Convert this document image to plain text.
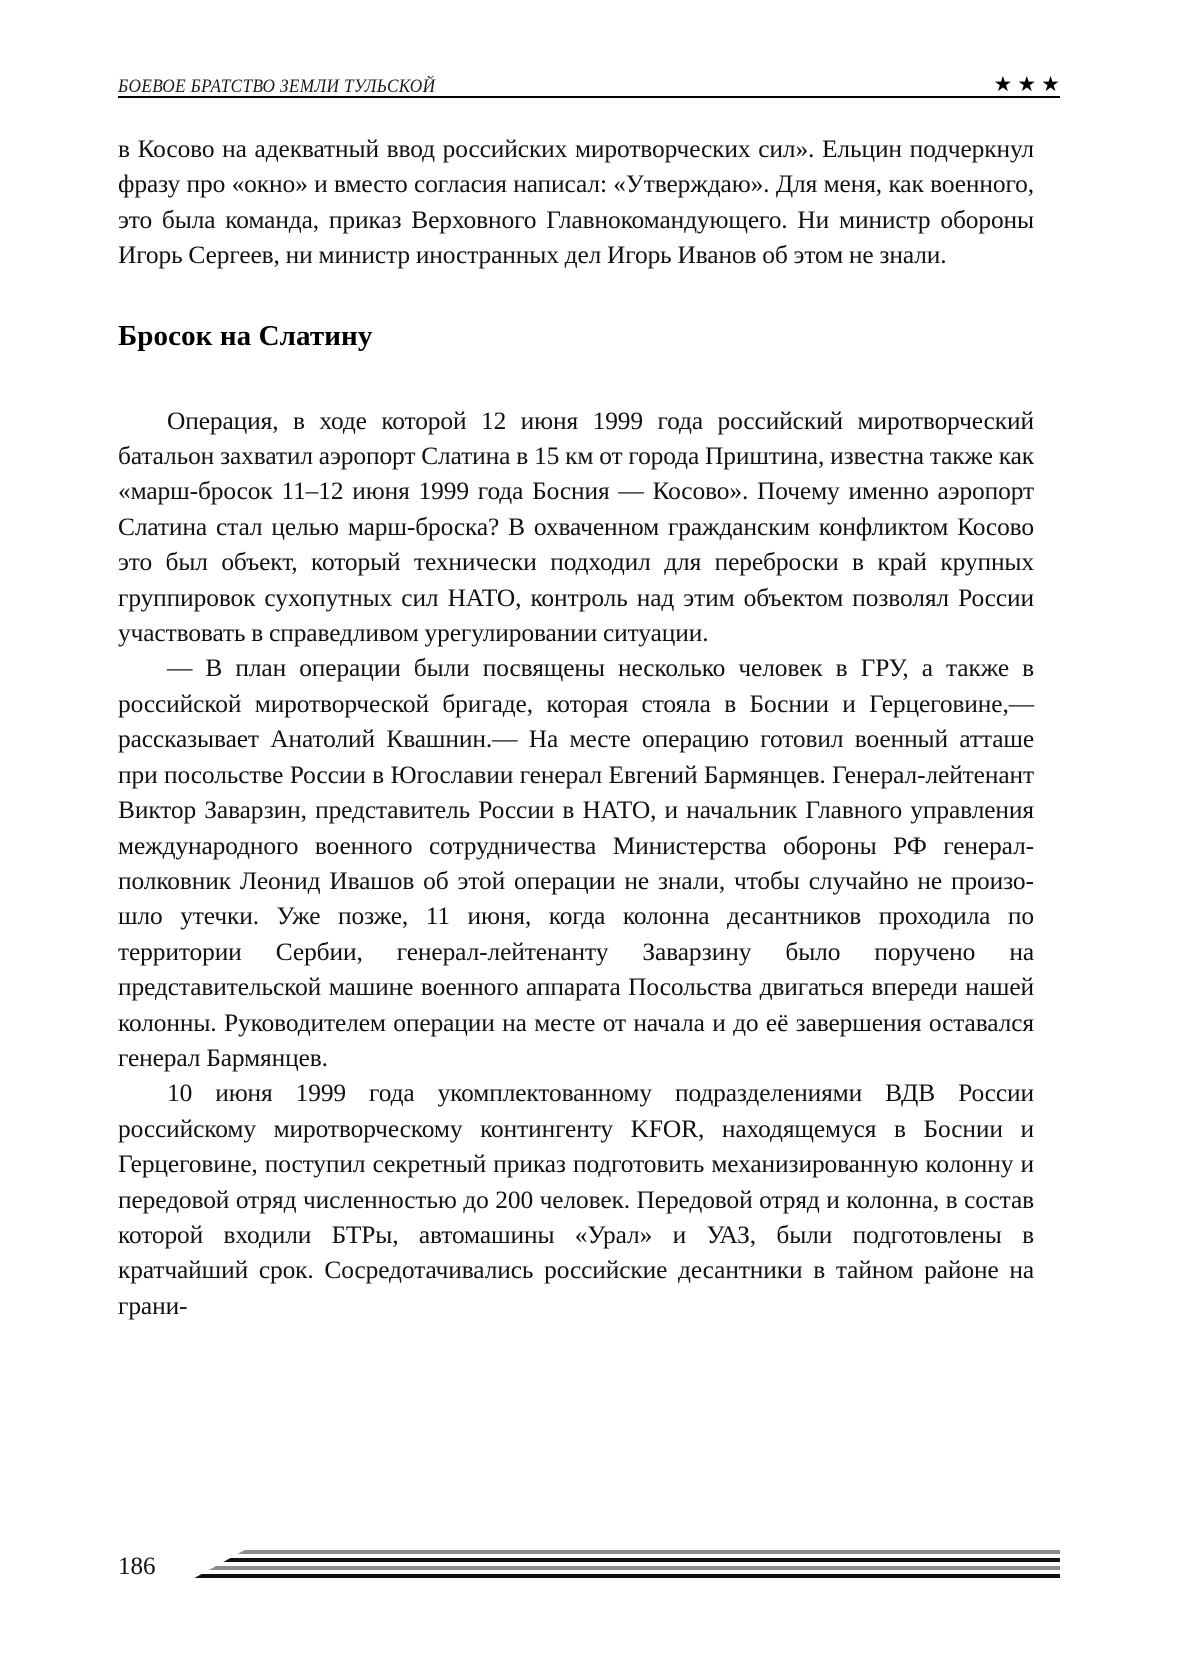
БОЕВОЕ БРАТСТВО ЗЕМЛИ ТУЛЬСКОЙ	★ ★ ★

в Косово на адекватный ввод российских миротворческих сил». Ельцин подчеркнул фразу про «окно» и вместо согласия написал: «Утверждаю». Для меня, как военного, это была команда, приказ Верховного Главнокомандующего. Ни министр обороны Игорь Сергеев, ни министр иностранных дел Игорь Иванов об этом не знали.

Бросок на Слатину

Операция, в ходе которой 12 июня 1999 года российский миротворческий батальон захватил аэропорт Слатина в 15 км от города Приштина, известна также как «марш-бросок 11–12 июня 1999 года Босния — Косово». Почему именно аэропорт Слатина стал целью марш-броска? В охваченном гражданским конфликтом Косово это был объект, который технически подходил для переброски в край крупных группировок сухопутных сил НАТО, контроль над этим объектом позволял России участвовать в справедливом урегулировании ситуации.

— В план операции были посвящены несколько человек в ГРУ, а также в российской миротворческой бригаде, которая стояла в Боснии и Герцеговине,— рассказывает Анатолий Квашнин.— На месте операцию готовил военный атташе при посольстве России в Югославии генерал Евгений Бармянцев. Генерал-лейтенант Виктор Заварзин, представитель России в НАТО, и начальник Главного управления международного военного сотрудничества Министерства обороны РФ генерал-полковник Леонид Ивашов об этой операции не знали, чтобы случайно не произошло утечки. Уже позже, 11 июня, когда колонна десантников проходила по территории Сербии, генерал-лейтенанту Заварзину было поручено на представительской машине военного аппарата Посольства двигаться впереди нашей колонны. Руководителем операции на месте от начала и до её завершения оставался генерал Бармянцев.

10 июня 1999 года укомплектованному подразделениями ВДВ России российскому миротворческому контингенту KFOR, находящемуся в Боснии и Герцеговине, поступил секретный приказ подготовить механизированную колонну и передовой отряд численностью до 200 человек. Передовой отряд и колонна, в состав которой входили БТРы, автомашины «Урал» и УАЗ, были подготовлены в кратчайший срок. Сосредотачивались российские десантники в тайном районе на грани-

186
